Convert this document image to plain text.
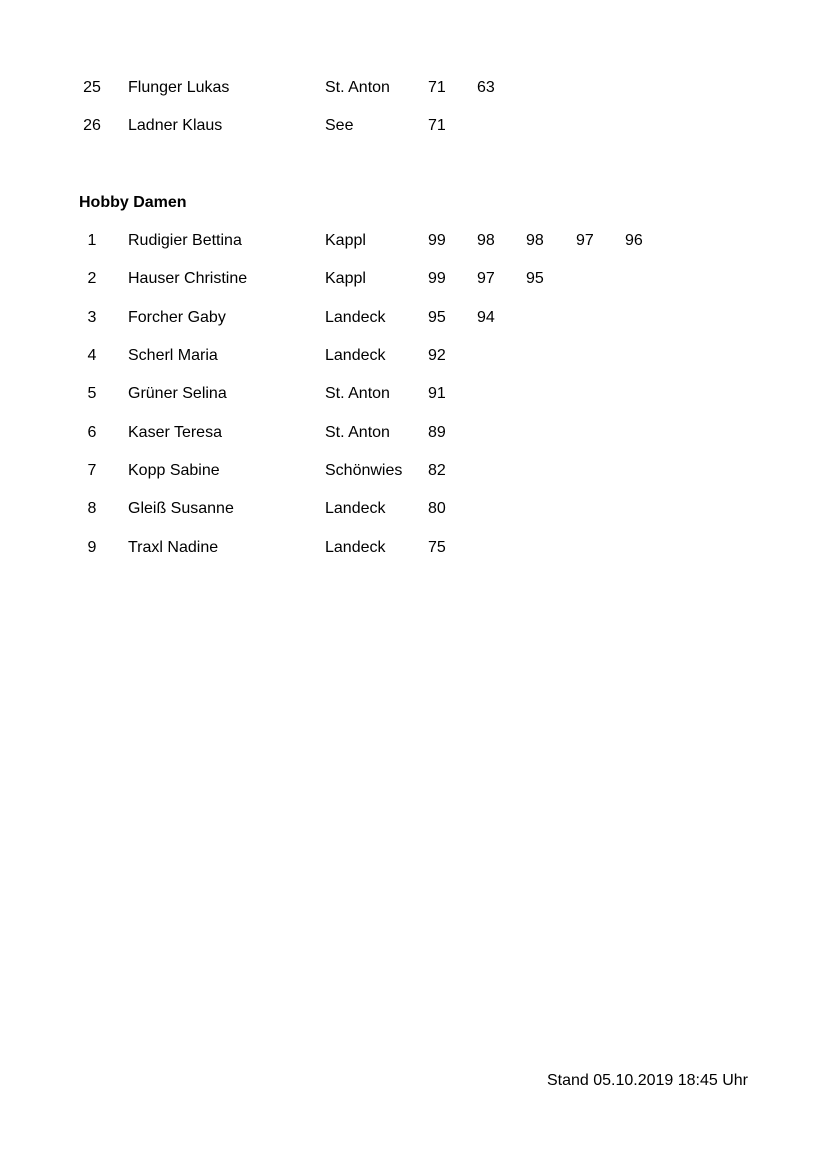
25	Flunger Lukas	St. Anton 71 63
26	Ladner Klaus	See	71
Hobby Damen
1	Rudigier Bettina	Kappl	99 98 98 97 96
2	Hauser Christine	Kappl	99 97 95
3	Forcher Gaby	Landeck	95 94
4	Scherl Maria	Landeck	92
5	Grüner Selina	St. Anton 91
6	Kaser Teresa	St. Anton 89
7	Kopp Sabine	Schönwies 82
8	Gleiß Susanne	Landeck	80
9	Traxl Nadine	Landeck	75
Stand 05.10.2019 18:45 Uhr
